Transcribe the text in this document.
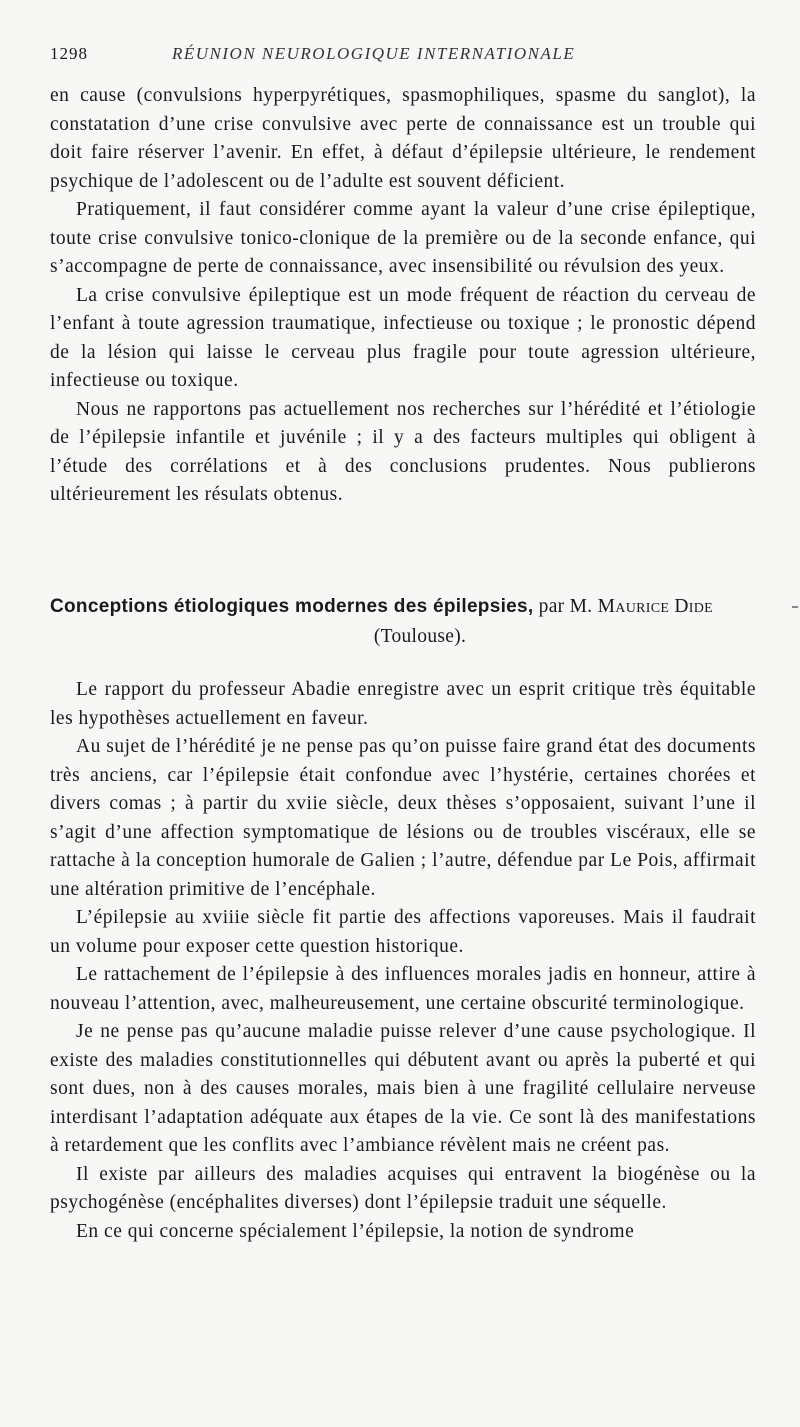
1298	RÉUNION NEUROLOGIQUE INTERNATIONALE

en cause (convulsions hyperpyrétiques, spasmophiliques, spasme du sanglot), la constatation d’une crise convulsive avec perte de connaissance est un trouble qui doit faire réserver l’avenir. En effet, à défaut d’épilepsie ultérieure, le rendement psychique de l’adolescent ou de l’adulte est souvent déficient.

Pratiquement, il faut considérer comme ayant la valeur d’une crise épileptique, toute crise convulsive tonico-clonique de la première ou de la seconde enfance, qui s’accompagne de perte de connaissance, avec insensibilité ou révulsion des yeux.

La crise convulsive épileptique est un mode fréquent de réaction du cerveau de l’enfant à toute agression traumatique, infectieuse ou toxique ; le pronostic dépend de la lésion qui laisse le cerveau plus fragile pour toute agression ultérieure, infectieuse ou toxique.

Nous ne rapportons pas actuellement nos recherches sur l’hérédité et l’étiologie de l’épilepsie infantile et juvénile ; il y a des facteurs multiples qui obligent à l’étude des corrélations et à des conclusions prudentes. Nous publierons ultérieurement les résulats obtenus.

Conceptions étiologiques modernes des épilepsies, par M. Maurice Dide
(Toulouse).

Le rapport du professeur Abadie enregistre avec un esprit critique très équitable les hypothèses actuellement en faveur.

Au sujet de l’hérédité je ne pense pas qu’on puisse faire grand état des documents très anciens, car l’épilepsie était confondue avec l’hystérie, certaines chorées et divers comas ; à partir du xviie siècle, deux thèses s’opposaient, suivant l’une il s’agit d’une affection symptomatique de lésions ou de troubles viscéraux, elle se rattache à la conception humorale de Galien ; l’autre, défendue par Le Pois, affirmait une altération primitive de l’encéphale.

L’épilepsie au xviiie siècle fit partie des affections vaporeuses. Mais il faudrait un volume pour exposer cette question historique.

Le rattachement de l’épilepsie à des influences morales jadis en honneur, attire à nouveau l’attention, avec, malheureusement, une certaine obscurité terminologique.

Je ne pense pas qu’aucune maladie puisse relever d’une cause psychologique. Il existe des maladies constitutionnelles qui débutent avant ou après la puberté et qui sont dues, non à des causes morales, mais bien à une fragilité cellulaire nerveuse interdisant l’adaptation adéquate aux étapes de la vie. Ce sont là des manifestations à retardement que les conflits avec l’ambiance révèlent mais ne créent pas.

Il existe par ailleurs des maladies acquises qui entravent la biogénèse ou la psychogénèse (encéphalites diverses) dont l’épilepsie traduit une séquelle.

En ce qui concerne spécialement l’épilepsie, la notion de syndrome
